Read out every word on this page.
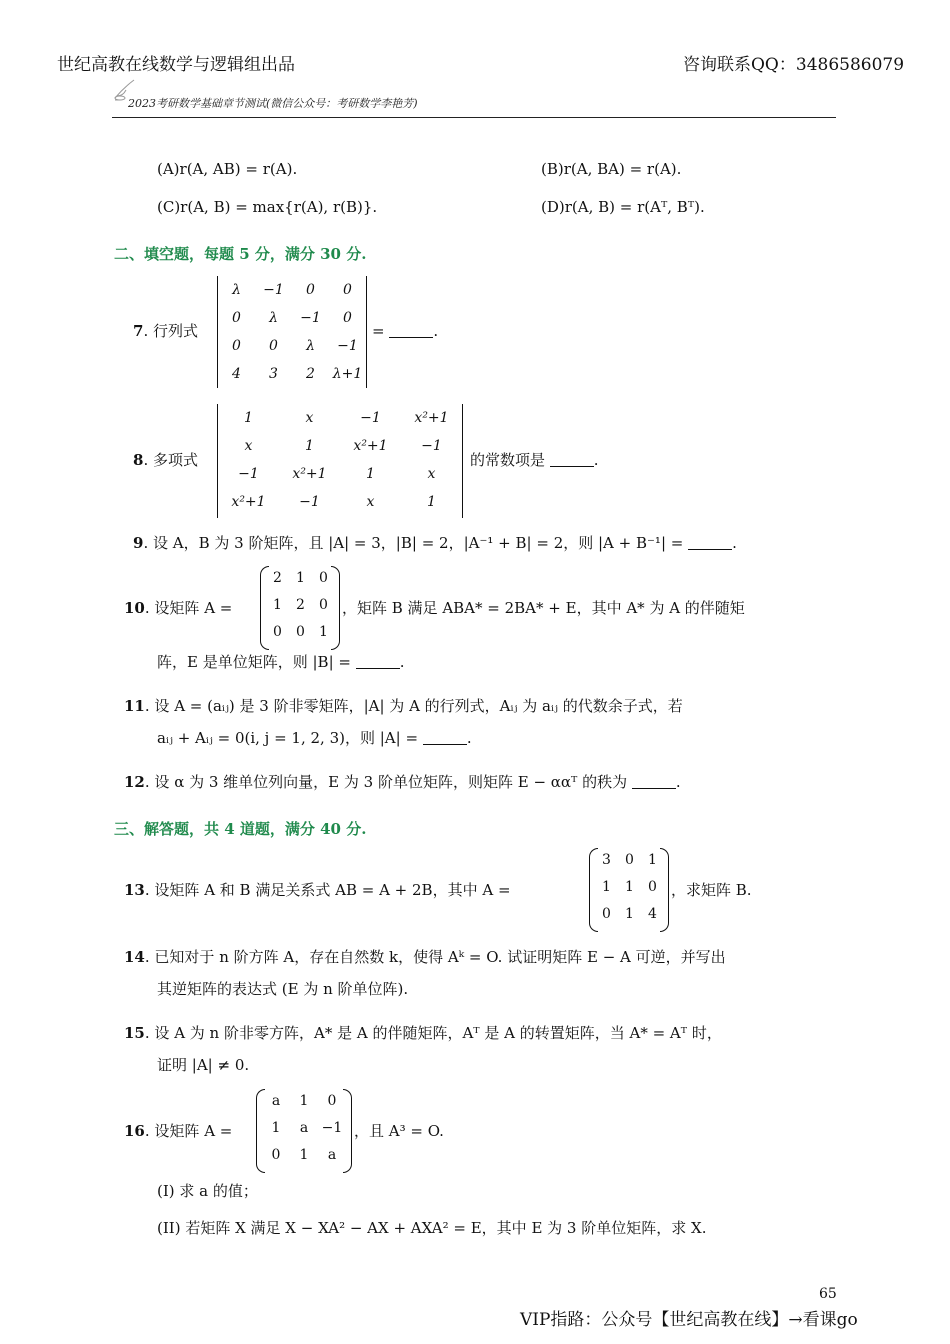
世纪高教在线数学与逻辑组出品	咨询联系QQ：3486586079
2023考研数学基础章节测试(微信公众号：考研数学李艳芳)
(A)r(A, AB) = r(A).	(B)r(A, BA) = r(A).
(C)r(A, B) = max{r(A), r(B)}.	(D)r(A, B) = r(Aᵀ, Bᵀ).
二、填空题，每题 5 分，满分 30 分.
7. 行列式
λ	−1	0	0
0	λ	−1	0
0	0	λ	−1
4	3	2	λ+1
=	.
8. 多项式
1	x	−1	x²+1
x	1	x²+1	−1
−1	x²+1	1	x
x²+1	−1	x	1
的常数项是	.
9. 设 A，B 为 3 阶矩阵，且 |A| = 3，|B| = 2，|A⁻¹ + B| = 2，则 |A + B⁻¹| =	.
10. 设矩阵 A =
2	1	0
1	2	0
0	0	1
，矩阵 B 满足 ABA* = 2BA* + E，其中 A* 为 A 的伴随矩
阵，E 是单位矩阵，则 |B| =	.
11. 设 A = (aᵢⱼ) 是 3 阶非零矩阵，|A| 为 A 的行列式，Aᵢⱼ 为 aᵢⱼ 的代数余子式，若
aᵢⱼ + Aᵢⱼ = 0(i, j = 1, 2, 3)，则 |A| =	.
12. 设 α 为 3 维单位列向量，E 为 3 阶单位矩阵，则矩阵 E − ααᵀ 的秩为	.
三、解答题，共 4 道题，满分 40 分.
13. 设矩阵 A 和 B 满足关系式 AB = A + 2B，其中 A =
3	0	1
1	1	0
0	1	4
，求矩阵 B.
14. 已知对于 n 阶方阵 A，存在自然数 k，使得 Aᵏ = O. 试证明矩阵 E − A 可逆，并写出
其逆矩阵的表达式 (E 为 n 阶单位阵).
15. 设 A 为 n 阶非零方阵，A* 是 A 的伴随矩阵，Aᵀ 是 A 的转置矩阵，当 A* = Aᵀ 时，
证明 |A| ≠ 0.
16. 设矩阵 A =
a	1	0
1	a −1
0	1	a
，且 A³ = O.
(I) 求 a 的值；
(II) 若矩阵 X 满足 X − XA² − AX + AXA² = E，其中 E 为 3 阶单位矩阵，求 X.
65
VIP指路：公众号【世纪高教在线】→看课go
